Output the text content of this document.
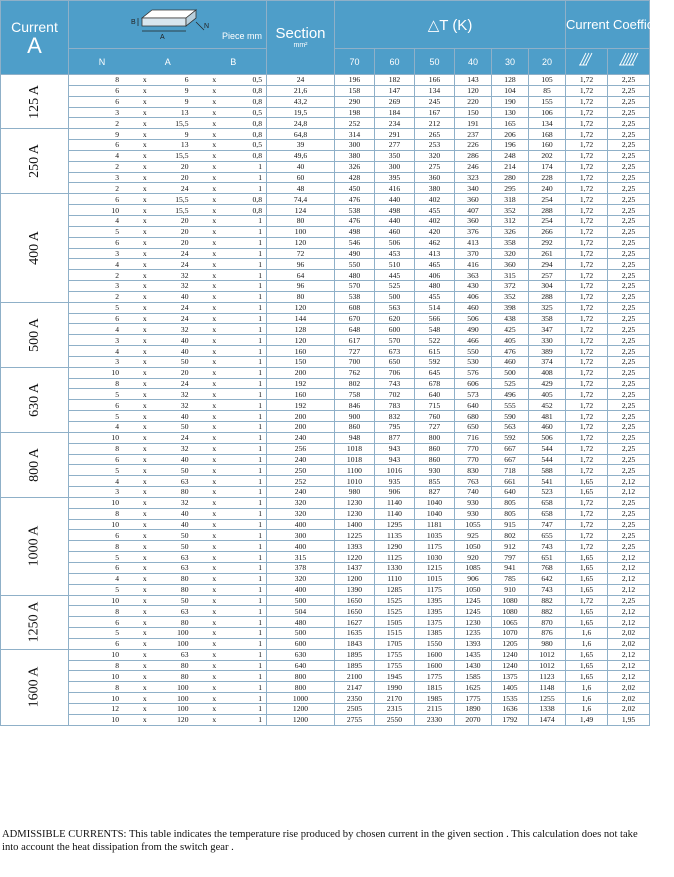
Current
A	B
A
N
Piece mm	Section
mm²	△T (K)						Current Coefficient	

	N A B		70	60	50	40	30	20		
125 A	8 x 6 x 0,5	24	196	182	166	143	128	105	1,72	2,25

	6 x 9 x 0,8	21,6	158	147	134	120	104	85	1,72	2,25

	6 x 9 x 0,8	43,2	290	269	245	220	190	155	1,72	2,25

	3 x 13 x 0,5	19,5	198	184	167	150	130	106	1,72	2,25

	2 x 15,5 x 0,8	24,8	252	234	212	191	165	134	1,72	2,25
250 A	9 x 9 x 0,8	64,8	314	291	265	237	206	168	1,72	2,25

	6 x 13 x 0,5	39	300	277	253	226	196	160	1,72	2,25

	4 x 15,5 x 0,8	49,6	380	350	320	286	248	202	1,72	2,25

	2 x 20 x 1	40	326	300	275	246	214	174	1,72	2,25

	3 x 20 x 1	60	428	395	360	323	280	228	1,72	2,25

	2 x 24 x 1	48	450	416	380	340	295	240	1,72	2,25
400 A	6 x 15,5 x 0,8	74,4	476	440	402	360	318	254	1,72	2,25

	10 x 15,5 x 0,8	124	538	498	455	407	352	288	1,72	2,25

	4 x 20 x 1	80	476	440	402	360	312	254	1,72	2,25

	5 x 20 x 1	100	498	460	420	376	326	266	1,72	2,25

	6 x 20 x 1	120	546	506	462	413	358	292	1,72	2,25

	3 x 24 x 1	72	490	453	413	370	320	261	1,72	2,25

	4 x 24 x 1	96	550	510	465	416	360	294	1,72	2,25

	2 x 32 x 1	64	480	445	406	363	315	257	1,72	2,25

	3 x 32 x 1	96	570	525	480	430	372	304	1,72	2,25

	2 x 40 x 1	80	538	500	455	406	352	288	1,72	2,25
500 A	5 x 24 x 1	120	608	563	514	460	398	325	1,72	2,25

	6 x 24 x 1	144	670	620	566	506	438	358	1,72	2,25

	4 x 32 x 1	128	648	600	548	490	425	347	1,72	2,25

	3 x 40 x 1	120	617	570	522	466	405	330	1,72	2,25

	4 x 40 x 1	160	727	673	615	550	476	389	1,72	2,25

	3 x 50 x 1	150	700	650	592	530	460	374	1,72	2,25
630 A	10 x 20 x 1	200	762	706	645	576	500	408	1,72	2,25

	8 x 24 x 1	192	802	743	678	606	525	429	1,72	2,25

	5 x 32 x 1	160	758	702	640	573	496	405	1,72	2,25

	6 x 32 x 1	192	846	783	715	640	555	452	1,72	2,25

	5 x 40 x 1	200	900	832	760	680	590	481	1,72	2,25

	4 x 50 x 1	200	860	795	727	650	563	460	1,72	2,25
800 A	10 x 24 x 1	240	948	877	800	716	592	506	1,72	2,25

	8 x 32 x 1	256	1018	943	860	770	667	544	1,72	2,25

	6 x 40 x 1	240	1018	943	860	770	667	544	1,72	2,25

	5 x 50 x 1	250	1100	1016	930	830	718	588	1,72	2,25

	4 x 63 x 1	252	1010	935	855	763	661	541	1,65	2,12

	3 x 80 x 1	240	980	906	827	740	640	523	1,65	2,12
1000 A	10 x 32 x 1	320	1230	1140	1040	930	805	658	1,72	2,25

	8 x 40 x 1	320	1230	1140	1040	930	805	658	1,72	2,25

	10 x 40 x 1	400	1400	1295	1181	1055	915	747	1,72	2,25

	6 x 50 x 1	300	1225	1135	1035	925	802	655	1,72	2,25

	8 x 50 x 1	400	1393	1290	1175	1050	912	743	1,72	2,25

	5 x 63 x 1	315	1220	1125	1030	920	797	651	1,65	2,12

	6 x 63 x 1	378	1437	1330	1215	1085	941	768	1,65	2,12

	4 x 80 x 1	320	1200	1110	1015	906	785	642	1,65	2,12

	5 x 80 x 1	400	1390	1285	1175	1050	910	743	1,65	2,12
1250 A	10 x 50 x 1	500	1650	1525	1395	1245	1080	882	1,72	2,25

	8 x 63 x 1	504	1650	1525	1395	1245	1080	882	1,65	2,12

	6 x 80 x 1	480	1627	1505	1375	1230	1065	870	1,65	2,12

	5 x 100 x 1	500	1635	1515	1385	1235	1070	876	1,6	2,02

	6 x 100 x 1	600	1843	1705	1550	1393	1205	980	1,6	2,02
1600 A	10 x 63 x 1	630	1895	1755	1600	1435	1240	1012	1,65	2,12

	8 x 80 x 1	640	1895	1755	1600	1430	1240	1012	1,65	2,12

	10 x 80 x 1	800	2100	1945	1775	1585	1375	1123	1,65	2,12

	8 x 100 x 1	800	2147	1990	1815	1625	1405	1148	1,6	2,02

	10 x 100 x 1	1000	2350	2170	1985	1775	1535	1255	1,6	2,02

	12 x 100 x 1	1200	2505	2315	2115	1890	1636	1338	1,6	2,02

	10 x 120 x 1	1200	2755	2550	2330	2070	1792	1474	1,49	1,95
ADMISSIBLE CURRENTS: This table indicates the temperature rise produced by chosen current in the given section . This calculation does not take into account the heat dissipation from the switch gear .
